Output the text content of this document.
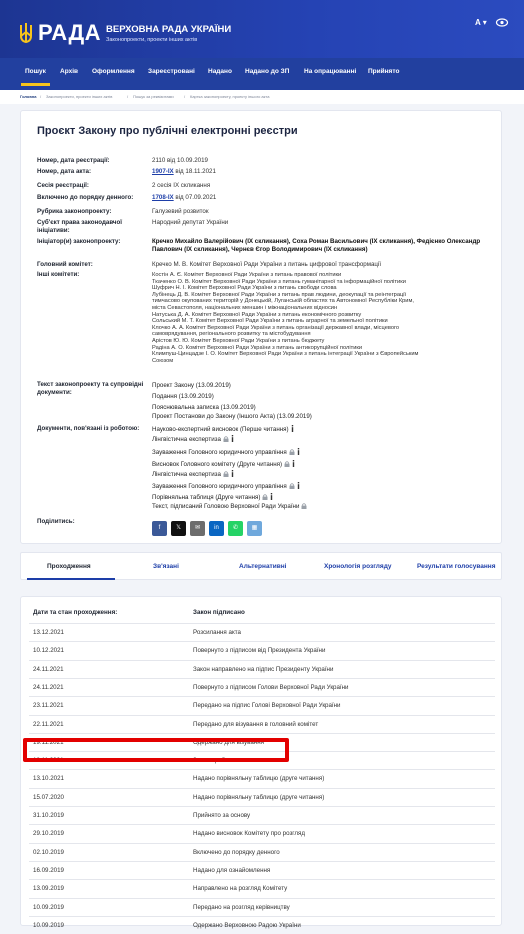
РАДА ВЕРХОВНА РАДА УКРАЇНИ
Законопроекти, проекти інших актів
A ▾
Пошук Архів Оформлення Зареєстровані Надано Надано до ЗП На опрацюванні Прийнято
Головна / Законопроекти, проекти інших актів	/ Пошук за реквізитами	/ Картка законопроекту, проекту іншого акта
Проєкт Закону про публічні електронні реєстри
Номер, дата реєстрації:	2110 від 10.09.2019
Номер, дата акта:	1907-IX від 18.11.2021
Сесія реєстрації:	2 сесія IX скликання
Включено до порядку денного:	1708-IX від 07.09.2021
Рубрика законопроекту:	Галузевий розвиток
Суб'єкт права законодавчої ініціативи:
Народний депутат України
Ініціатор(и) законопроекту:	Кречко Михайло Валерійович (IX скликання), Соха Роман Васильович (IX скликання), Федієнко Олександр Павлович (IX скликання), Чернєв Єгор Володимирович (IX скликання)
Головний комітет:	Кречко М. В. Комітет Верховної Ради України з питань цифрової трансформації
Інші комітети:	Костін А. Є. Комітет Верховної Ради України з питань правової політики
Ткаченко О. В. Комітет Верховної Ради України з питань гуманітарної та інформаційної політики
Шуфрич Н. І. Комітет Верховної Ради України з питань свободи слова
Лубінець Д. В. Комітет Верховної Ради України з питань прав людини, деокупації та реінтеграції
тимчасово окупованих територій у Донецькій, Луганській областях та Автономної Республіки Крим,
міста Севастополя, національних меншин і міжнаціональних відносин
Натуська Д. А. Комітет Верховної Ради України з питань економічного розвитку
Сольський М. Т. Комітет Верховної Ради України з питань аграрної та земельної політики
Клочко А. А. Комітет Верховної Ради України з питань організації державної влади, місцевого
самоврядування, регіонального розвитку та містобудування
Арістов Ю. Ю. Комітет Верховної Ради України з питань бюджету
Радіна А. О. Комітет Верховної Ради України з питань антикорупційної політики
Климпуш-Цинцадзе І. О. Комітет Верховної Ради України з питань інтеграції України з Європейським
Союзом
Текст законопроекту та супровідні документи:
Проект Закону (13.09.2019)
Подання (13.09.2019)
Пояснювальна записка (13.09.2019)
Проект Постанови до Закону (Іншого Акта) (13.09.2019)
Документи, пов'язані із роботою:	Науково-експертний висновок (Перше читання)
Лінгвістична експертиза
Зауваження Головного юридичного управління
Висновок Головного комітету (Друге читання)
Лінгвістична експертиза
Зауваження Головного юридичного управління
Порівняльна таблиця (Друге читання)
Текст, підписаний Головою Верховної Ради України
Поділитись:
f	𝕏	✉	in	✆	▦
Проходження	Зв'язані	Альтернативні	Хронологія розгляду	Результати голосування
Дати та стан проходження:	Закон підписано
13.12.2021	Розсилання акта
10.12.2021	Повернуто з підписом від Президента України
24.11.2021	Закон направлено на підпис Президенту України
24.11.2021	Повернуто з підписом Голови Верховної Ради України
23.11.2021	Передано на підпис Голові Верховної Ради України
22.11.2021	Передано для візування в головний комітет
19.11.2021	Одержано для візування
18.11.2021	Закон прийнято
13.10.2021	Надано порівняльну таблицю (друге читання)
15.07.2020	Надано порівняльну таблицю (друге читання)
31.10.2019	Прийнято за основу
29.10.2019	Надано висновок Комітету про розгляд
02.10.2019	Включено до порядку денного
16.09.2019	Надано для ознайомлення
13.09.2019	Направлено на розгляд Комітету
10.09.2019	Передано на розгляд керівництву
10.09.2019	Одержано Верховною Радою України
